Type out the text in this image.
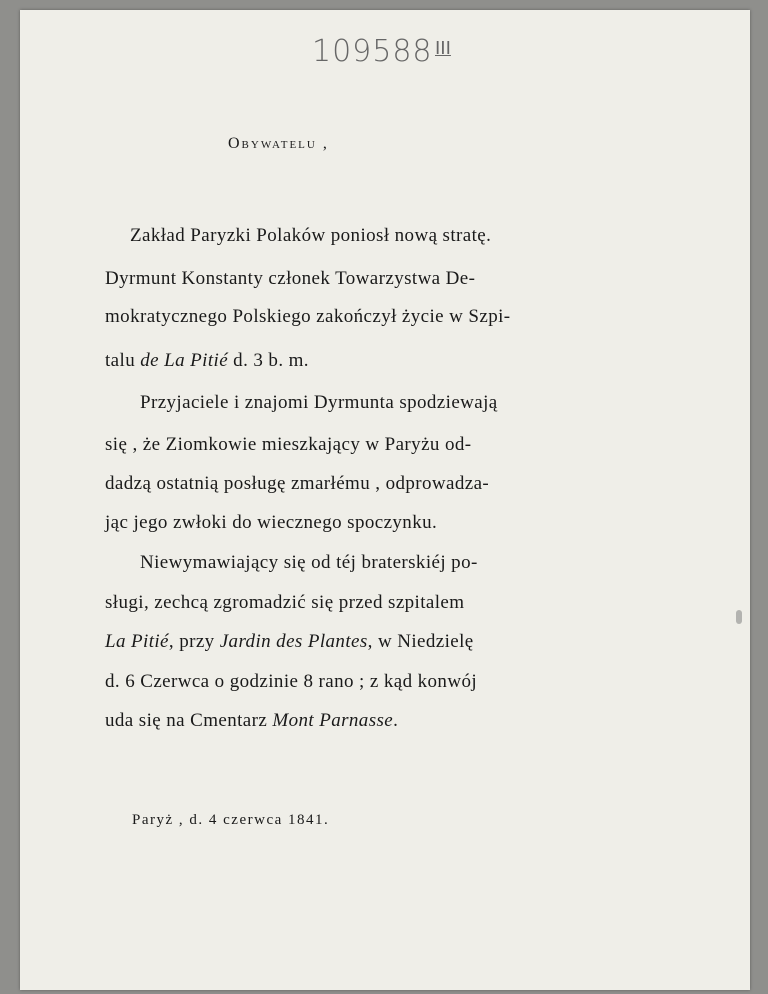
109588 III
Obywatelu ,
Zakład Paryzki Polaków poniosł nową stratę.
Dyrmunt Konstanty członek Towarzystwa De-
mokratycznego Polskiego zakończył życie w Szpi-
talu de La Pitié d. 3 b. m.
Przyjaciele i znajomi Dyrmunta spodziewają
się , że Ziomkowie mieszkający w Paryżu od-
dadzą ostatnią posługę zmarłému , odprowadza-
jąc jego zwłoki do wiecznego spoczynku.
Niewymawiający się od téj braterskiéj po-
sługi, zechcą zgromadzić się przed szpitalem
La Pitié, przy Jardin des Plantes, w Niedzielę
d. 6 Czerwca o godzinie 8 rano ; z kąd konwój
uda się na Cmentarz Mont Parnasse.
Paryż , d. 4 czerwca 1841.
